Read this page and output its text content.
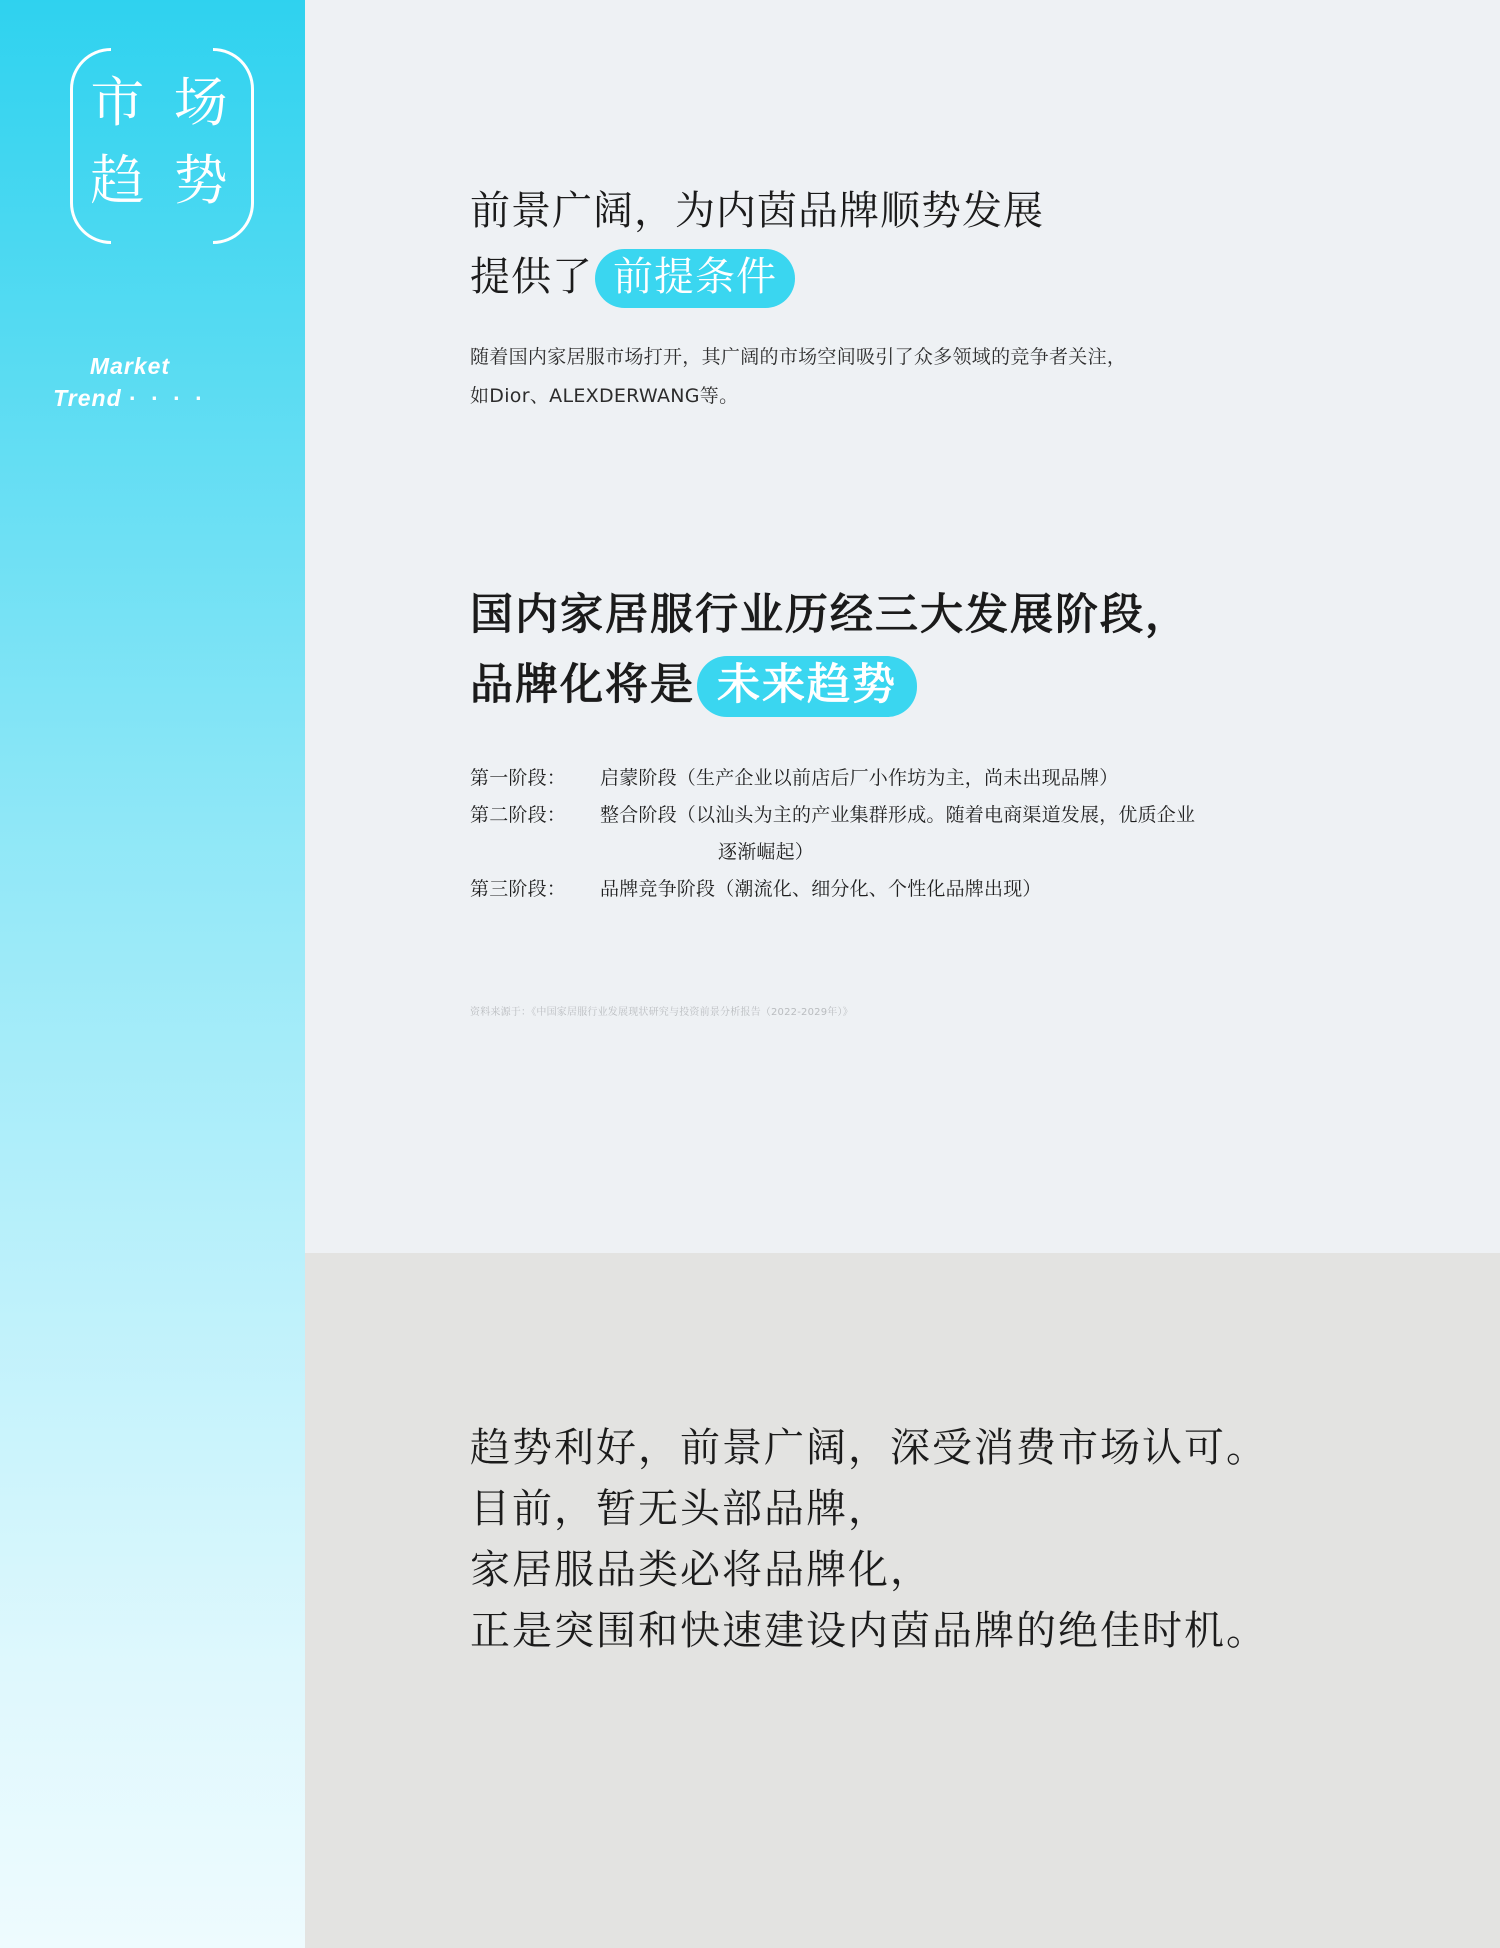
市 场
趋 势
Market
Trend · · · ·
前景广阔，为内茵品牌顺势发展
提供了 前提条件
随着国内家居服市场打开，其广阔的市场空间吸引了众多领域的竞争者关注，
如Dior、ALEXDERWANG等。
国内家居服行业历经三大发展阶段，
品牌化将是 未来趋势
第一阶段：	启蒙阶段（生产企业以前店后厂小作坊为主，尚未出现品牌）
第二阶段：	整合阶段（以汕头为主的产业集群形成。随着电商渠道发展，优质企业
逐渐崛起）
第三阶段：	品牌竞争阶段（潮流化、细分化、个性化品牌出现）
资料来源于：《中国家居服行业发展现状研究与投资前景分析报告（2022-2029年）》
趋势利好，前景广阔，深受消费市场认可。
目前，暂无头部品牌，
家居服品类必将品牌化，
正是突围和快速建设内茵品牌的绝佳时机。
